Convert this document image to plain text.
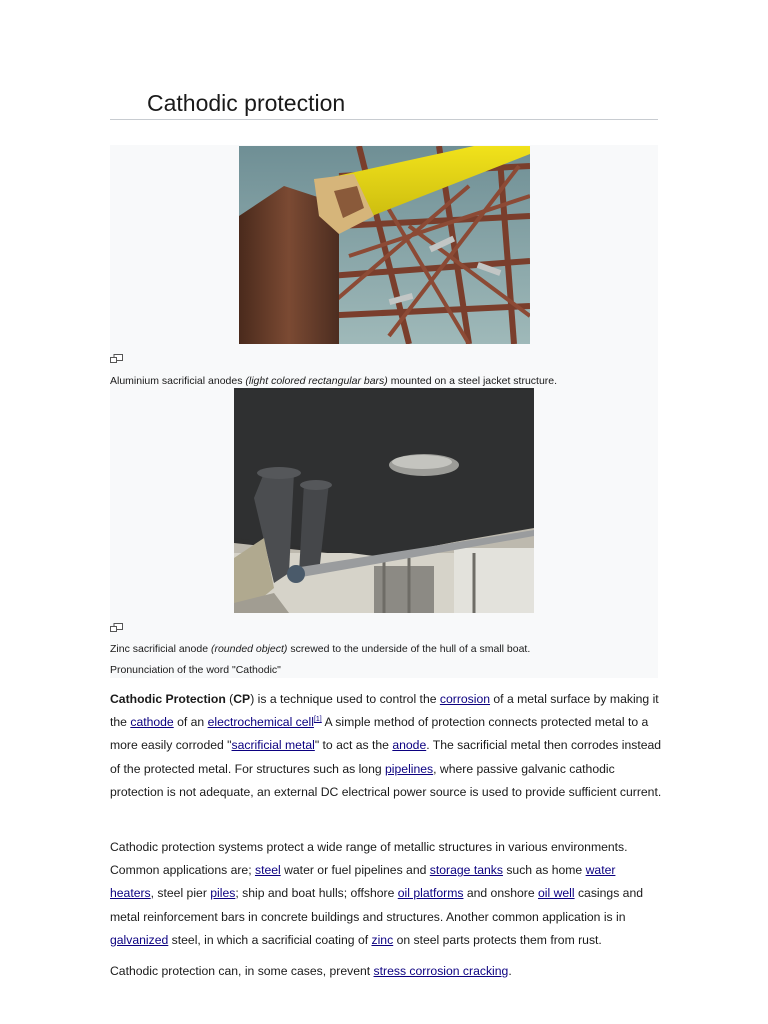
Cathodic protection
Aluminium sacrificial anodes (light colored rectangular bars) mounted on a steel jacket structure.
Zinc sacrificial anode (rounded object) screwed to the underside of the hull of a small boat.
Pronunciation of the word "Cathodic"

Cathodic Protection (CP) is a technique used to control the corrosion of a metal surface by making it the cathode of an electrochemical cell[1] A simple method of protection connects protected metal to a more easily corroded "sacrificial metal" to act as the anode. The sacrificial metal then corrodes instead of the protected metal. For structures such as long pipelines, where passive galvanic cathodic protection is not adequate, an external DC electrical power source is used to provide sufficient current.

Cathodic protection systems protect a wide range of metallic structures in various environments. Common applications are; steel water or fuel pipelines and storage tanks such as home water heaters, steel pier piles; ship and boat hulls; offshore oil platforms and onshore oil well casings and metal reinforcement bars in concrete buildings and structures. Another common application is in galvanized steel, in which a sacrificial coating of zinc on steel parts protects them from rust.

Cathodic protection can, in some cases, prevent stress corrosion cracking.
